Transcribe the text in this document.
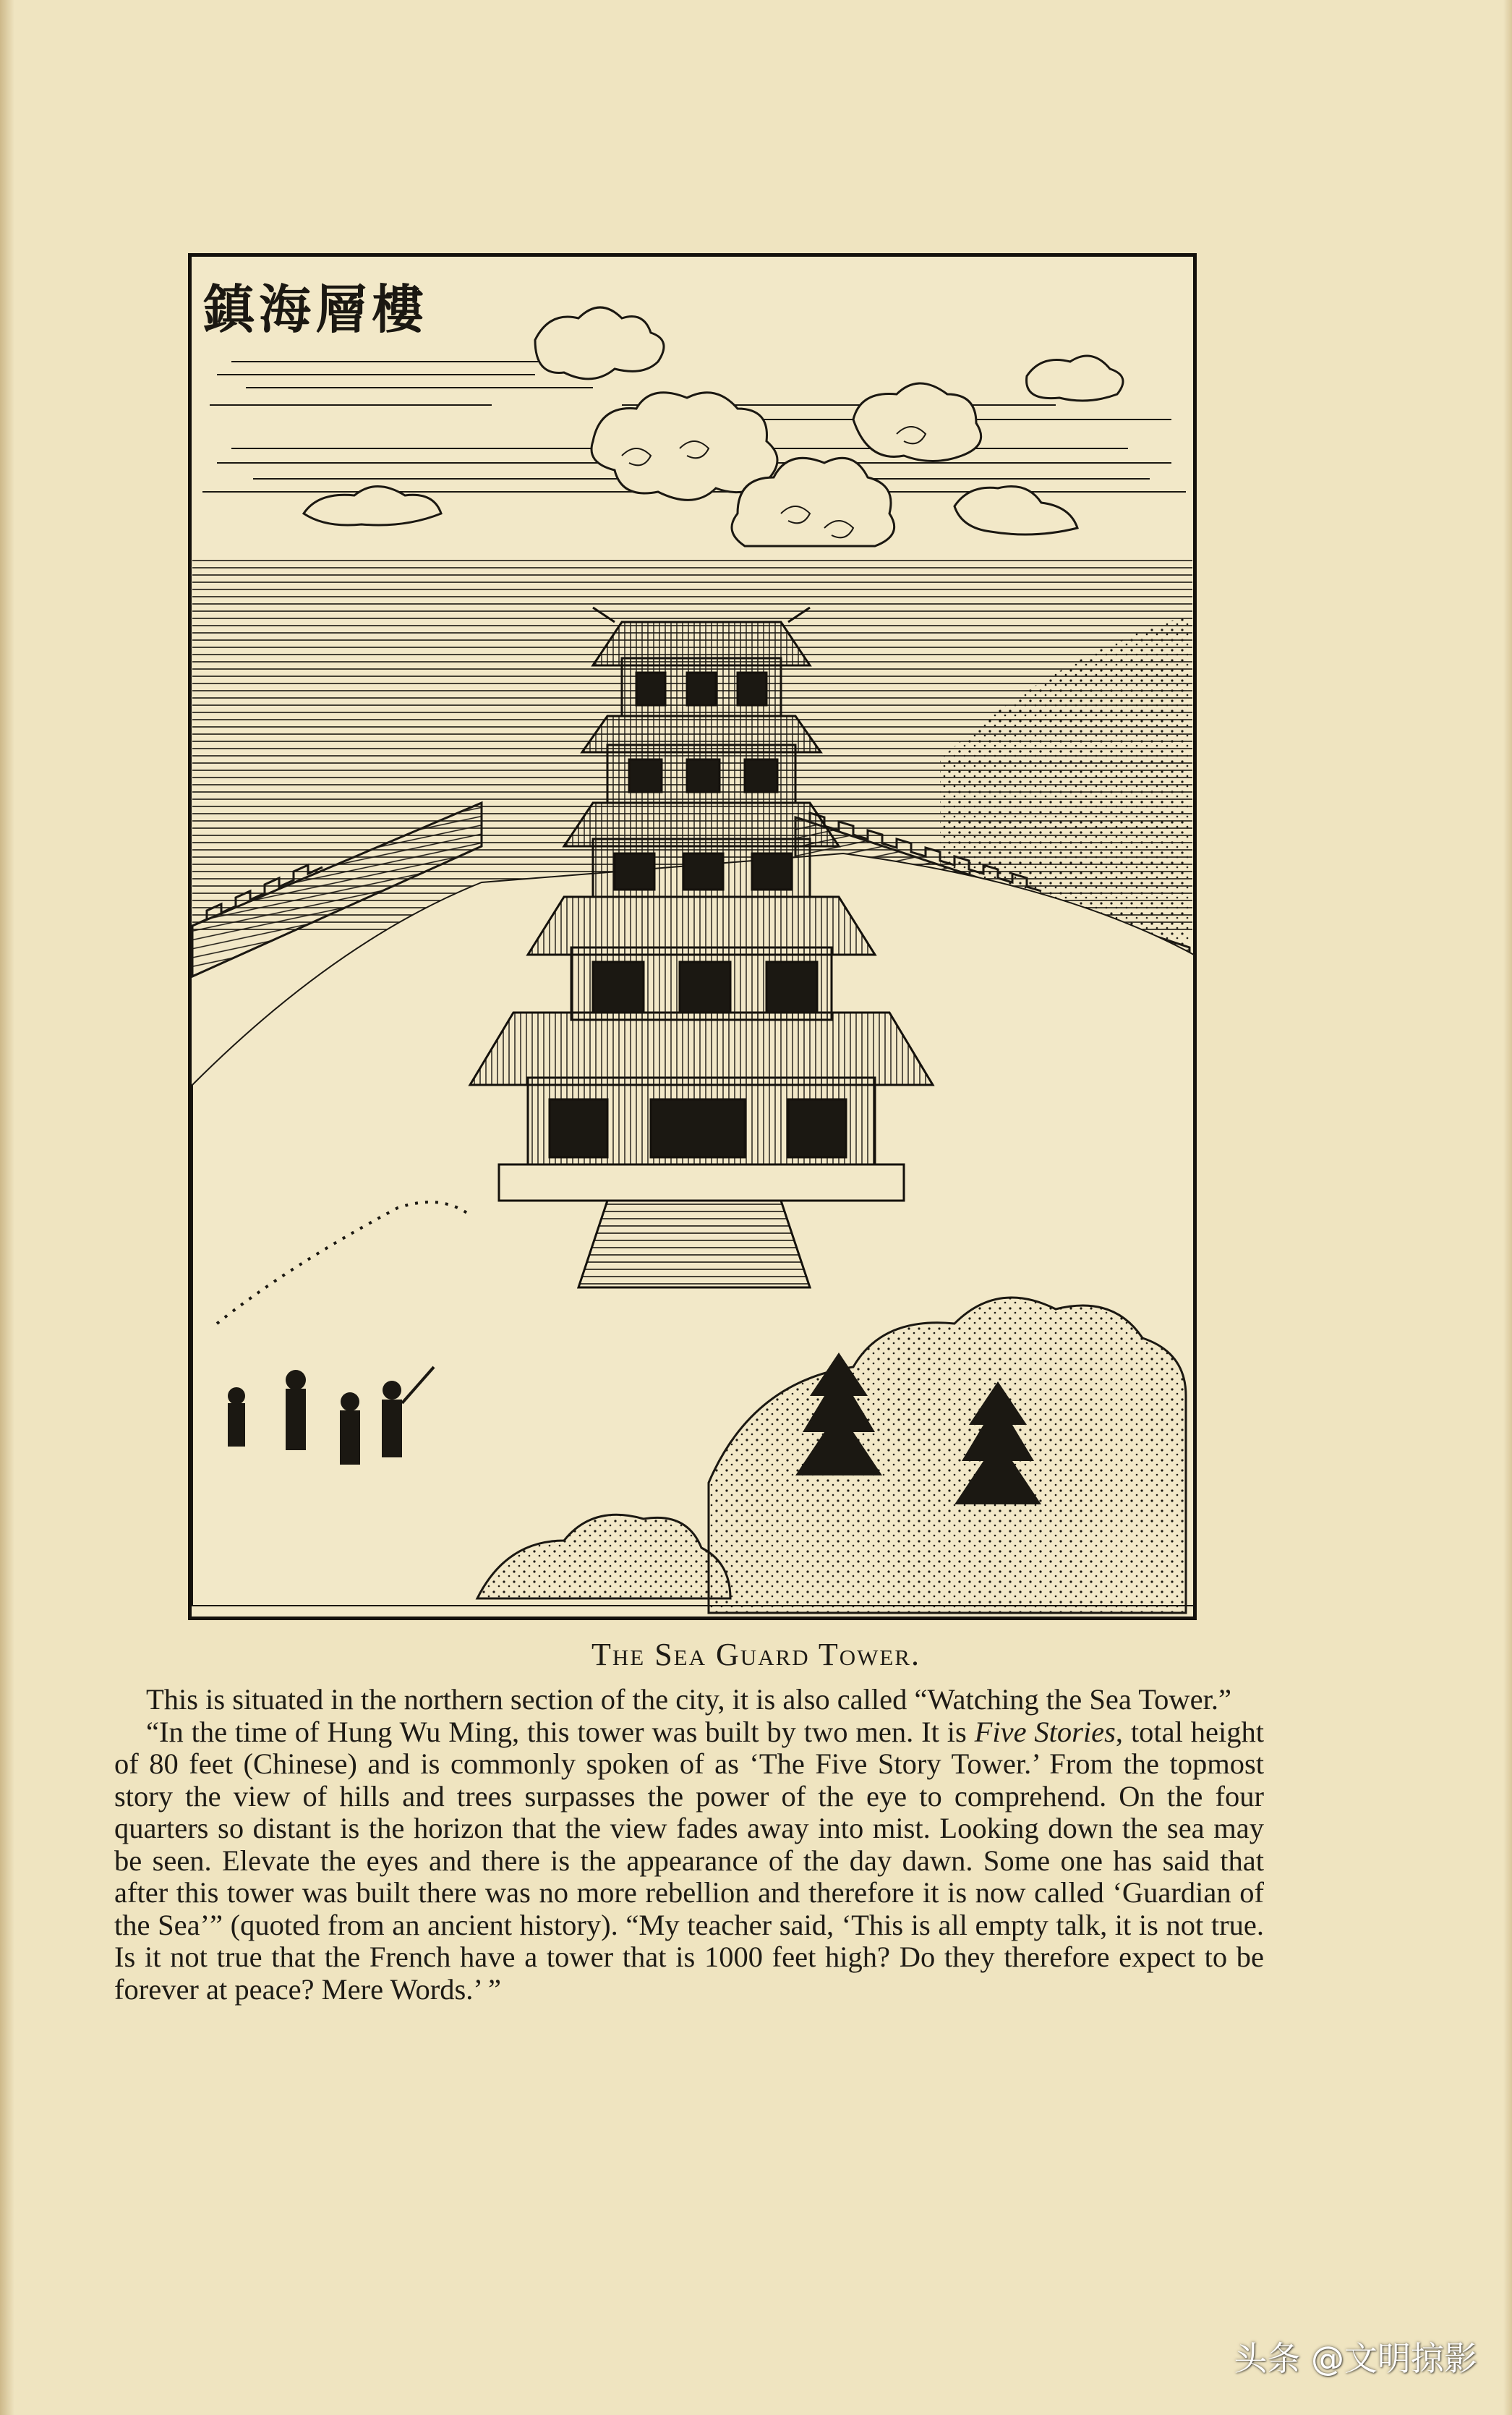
鎮海層樓
The Sea Guard Tower.

This is situated in the northern section of the city, it is also called “Watching the Sea Tower.”

“In the time of Hung Wu Ming, this tower was built by two men. It is Five Stories, total height of 80 feet (Chinese) and is commonly spoken of as ‘The Five Story Tower.’ From the topmost story the view of hills and trees surpasses the power of the eye to comprehend. On the four quarters so distant is the horizon that the view fades away into mist. Looking down the sea may be seen. Elevate the eyes and there is the appearance of the day dawn. Some one has said that after this tower was built there was no more rebellion and therefore it is now called ‘Guardian of the Sea’” (quoted from an ancient history). “My teacher said, ‘This is all empty talk, it is not true. Is it not true that the French have a tower that is 1000 feet high? Do they therefore expect to be forever at peace? Mere Words.’ ”

头条 @文明掠影
